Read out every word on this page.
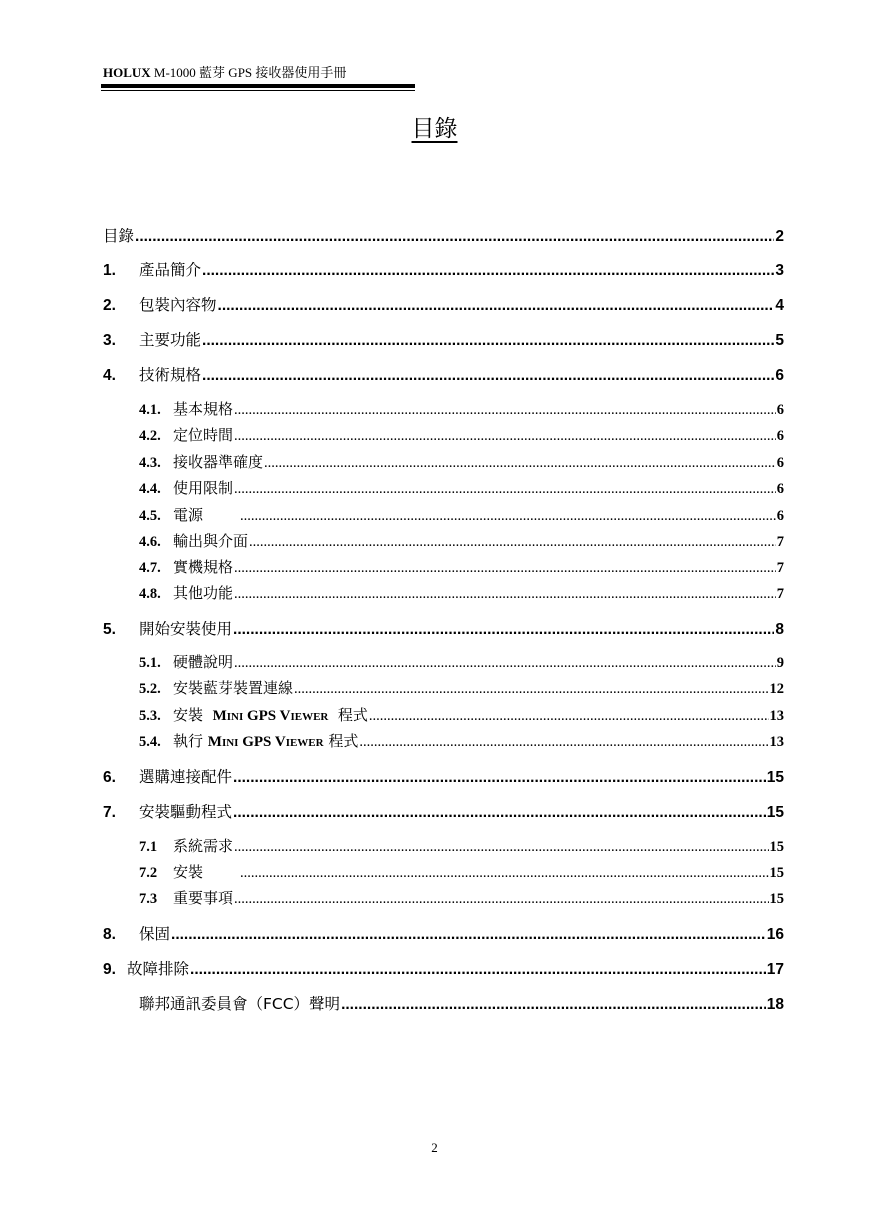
HOLUX M-1000 藍芽 GPS 接收器使用手冊
目錄
目錄 .....	2
1.	產品簡介 .....	3
2.	包裝內容物 .....	4
3.	主要功能 .....	5
4.	技術規格 .....	6
4.1. 基本規格 .....	6
4.2. 定位時間 .....	6
4.3. 接收器準確度 .....	6
4.4. 使用限制 .....	6
4.5. 電源 .....	6
4.6. 輸出與介面 .....	7
4.7. 實機規格 .....	7
4.8. 其他功能 .....	7
5.	開始安裝使用 .....	8
5.1. 硬體說明 .....	9
5.2. 安裝藍芽裝置連線 .....	12
5.3. 安裝 Mini GPS Viewer 程式 .....	13
5.4. 執行 Mini GPS Viewer 程式 .....	13
6.	選購連接配件 .....	15
7.	安裝驅動程式 .....	15
7.1	系統需求 .....	15
7.2	安裝 .....	15
7.3	重要事項 .....	15
8.	保固 .....	16
9. 故障排除 .....	17
聯邦通訊委員會（FCC）聲明 .....	18
2
